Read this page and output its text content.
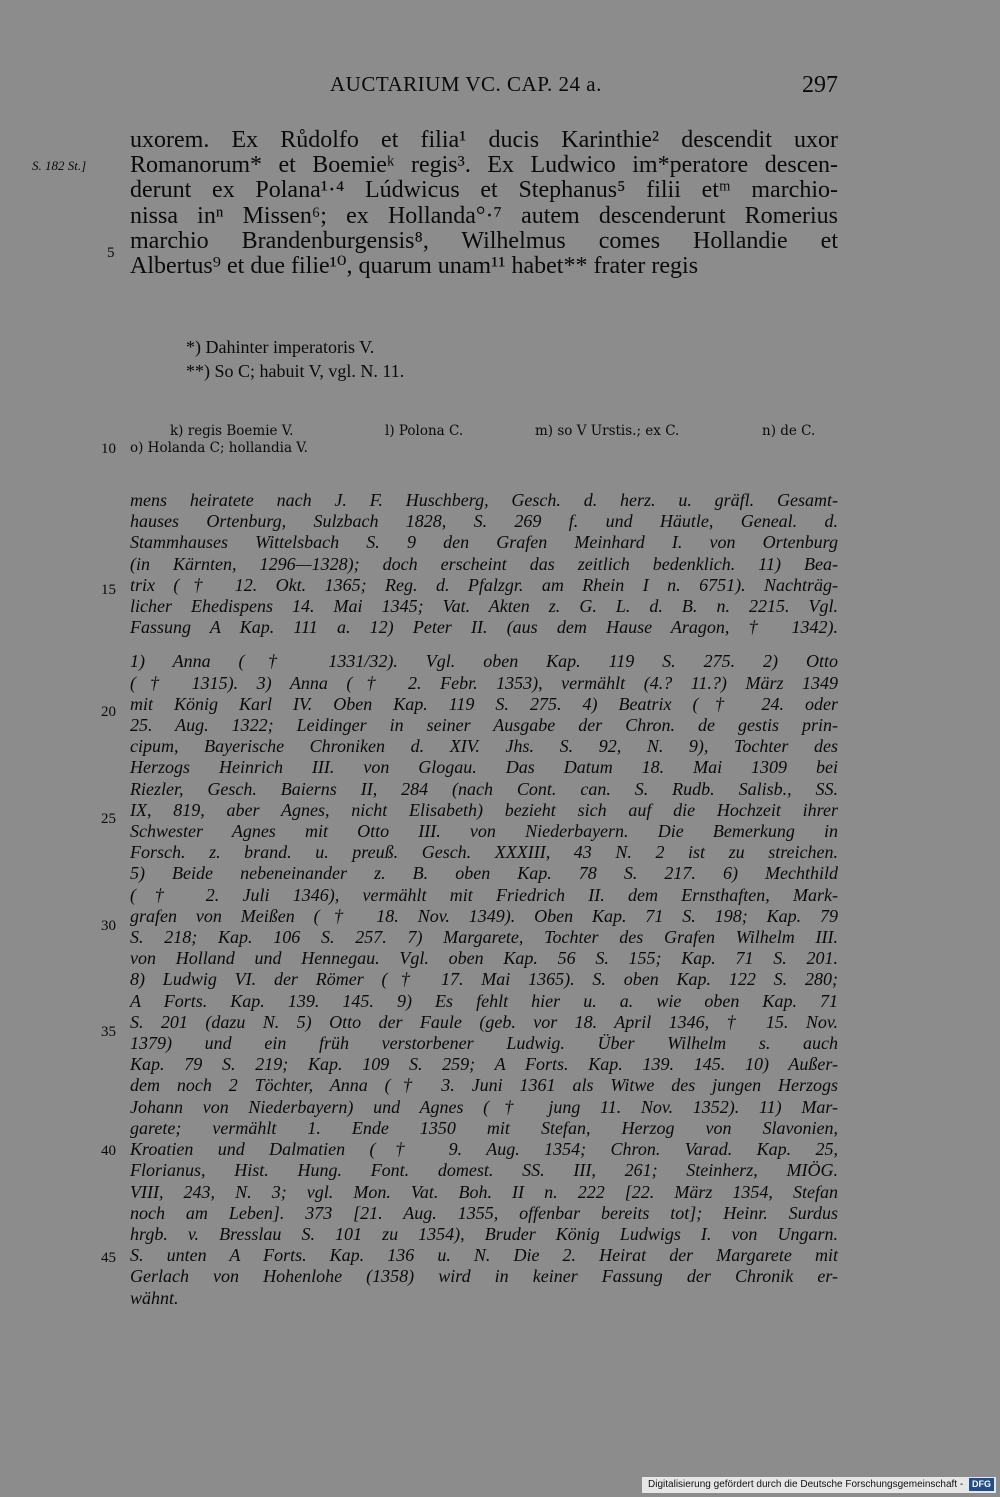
AUCTARIUM VC. CAP. 24 a.	297
S. 182 St.]
uxorem. Ex Růdolfo et filia¹ ducis Karinthie² descendit uxor
Romanorum* et Boemieᵏ regis³. Ex Ludwico im*peratore descen-
derunt ex Polana¹·⁴ Lúdwicus et Stephanus⁵ filii etᵐ marchio-
nissa inⁿ Missen⁶; ex Hollanda°·⁷ autem descenderunt Romerius
marchio Brandenburgensis⁸, Wilhelmus comes Hollandie et
Albertus⁹ et due filie¹⁰, quarum unam¹¹ habet** frater regis
5
10
15
20
25
30
35
40
45
*) Dahinter imperatoris V.
**) So C; habuit V, vgl. N. 11.
k) regis Boemie V.	l) Polona C.	m) so V Urstis.; ex C.	n) de C.
o) Holanda C; hollandia V.
mens heiratete nach J. F. Huschberg, Gesch. d. herz. u. gräfl. Gesamt-
hauses Ortenburg, Sulzbach 1828, S. 269 f. und Häutle, Geneal. d.
Stammhauses Wittelsbach S. 9 den Grafen Meinhard I. von Ortenburg
(in Kärnten, 1296—1328); doch erscheint das zeitlich bedenklich. 11) Bea-
trix († 12. Okt. 1365; Reg. d. Pfalzgr. am Rhein I n. 6751). Nachträg-
licher Ehedispens 14. Mai 1345; Vat. Akten z. G. L. d. B. n. 2215. Vgl.
Fassung A Kap. 111 a. 12) Peter II. (aus dem Hause Aragon, † 1342).
1) Anna († 1331/32). Vgl. oben Kap. 119 S. 275. 2) Otto
(† 1315). 3) Anna († 2. Febr. 1353), vermählt (4.? 11.?) März 1349
mit König Karl IV. Oben Kap. 119 S. 275. 4) Beatrix († 24. oder
25. Aug. 1322; Leidinger in seiner Ausgabe der Chron. de gestis prin-
cipum, Bayerische Chroniken d. XIV. Jhs. S. 92, N. 9), Tochter des
Herzogs Heinrich III. von Glogau. Das Datum 18. Mai 1309 bei
Riezler, Gesch. Baierns II, 284 (nach Cont. can. S. Rudb. Salisb., SS.
IX, 819, aber Agnes, nicht Elisabeth) bezieht sich auf die Hochzeit ihrer
Schwester Agnes mit Otto III. von Niederbayern. Die Bemerkung in
Forsch. z. brand. u. preuß. Gesch. XXXIII, 43 N. 2 ist zu streichen.
5) Beide nebeneinander z. B. oben Kap. 78 S. 217. 6) Mechthild
(† 2. Juli 1346), vermählt mit Friedrich II. dem Ernsthaften, Mark-
grafen von Meißen († 18. Nov. 1349). Oben Kap. 71 S. 198; Kap. 79
S. 218; Kap. 106 S. 257. 7) Margarete, Tochter des Grafen Wilhelm III.
von Holland und Hennegau. Vgl. oben Kap. 56 S. 155; Kap. 71 S. 201.
8) Ludwig VI. der Römer († 17. Mai 1365). S. oben Kap. 122 S. 280;
A Forts. Kap. 139. 145. 9) Es fehlt hier u. a. wie oben Kap. 71
S. 201 (dazu N. 5) Otto der Faule (geb. vor 18. April 1346, † 15. Nov.
1379) und ein früh verstorbener Ludwig. Über Wilhelm s. auch
Kap. 79 S. 219; Kap. 109 S. 259; A Forts. Kap. 139. 145. 10) Außer-
dem noch 2 Töchter, Anna († 3. Juni 1361 als Witwe des jungen Herzogs
Johann von Niederbayern) und Agnes († jung 11. Nov. 1352). 11) Mar-
garete; vermählt 1. Ende 1350 mit Stefan, Herzog von Slavonien,
Kroatien und Dalmatien († 9. Aug. 1354; Chron. Varad. Kap. 25,
Florianus, Hist. Hung. Font. domest. SS. III, 261; Steinherz, MIÖG.
VIII, 243, N. 3; vgl. Mon. Vat. Boh. II n. 222 [22. März 1354, Stefan
noch am Leben]. 373 [21. Aug. 1355, offenbar bereits tot]; Heinr. Surdus
hrgb. v. Bresslau S. 101 zu 1354), Bruder König Ludwigs I. von Ungarn.
S. unten A Forts. Kap. 136 u. N. Die 2. Heirat der Margarete mit
Gerlach von Hohenlohe (1358) wird in keiner Fassung der Chronik er-
wähnt.
Digitalisierung gefördert durch die Deutsche Forschungsgemeinschaft - DFG
